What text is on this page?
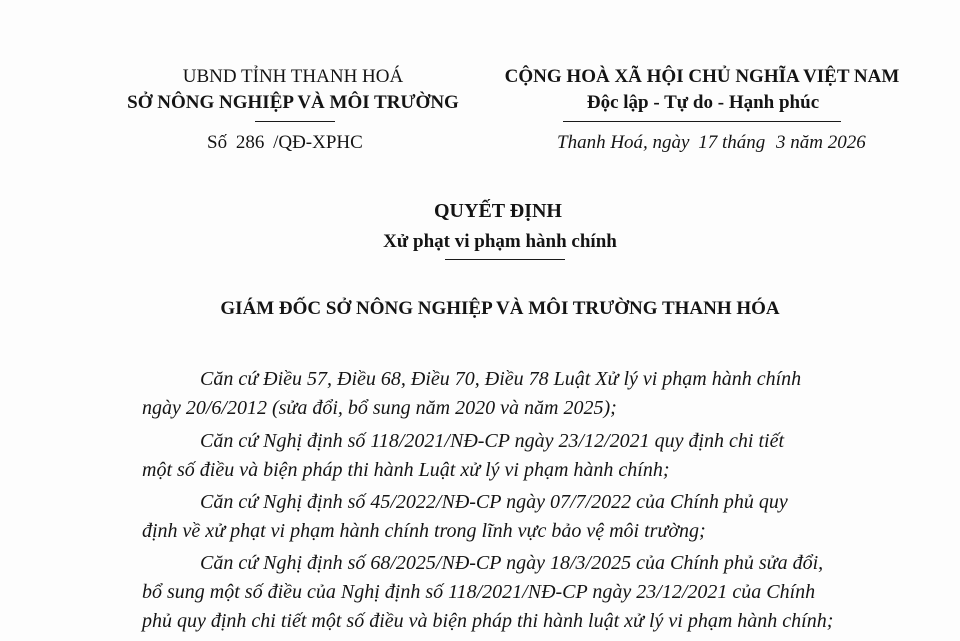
UBND TỈNH THANH HOÁ
SỞ NÔNG NGHIỆP VÀ MÔI TRƯỜNG
Số 286 /QĐ-XPHC
CỘNG HOÀ XÃ HỘI CHỦ NGHĨA VIỆT NAM
Độc lập - Tự do - Hạnh phúc
Thanh Hoá, ngày 17 tháng 3 năm 2026
QUYẾT ĐỊNH
Xử phạt vi phạm hành chính
GIÁM ĐỐC SỞ NÔNG NGHIỆP VÀ MÔI TRƯỜNG THANH HÓA
Căn cứ Điều 57, Điều 68, Điều 70, Điều 78 Luật Xử lý vi phạm hành chính
ngày 20/6/2012 (sửa đổi, bổ sung năm 2020 và năm 2025);
Căn cứ Nghị định số 118/2021/NĐ-CP ngày 23/12/2021 quy định chi tiết
một số điều và biện pháp thi hành Luật xử lý vi phạm hành chính;
Căn cứ Nghị định số 45/2022/NĐ-CP ngày 07/7/2022 của Chính phủ quy
định về xử phạt vi phạm hành chính trong lĩnh vực bảo vệ môi trường;
Căn cứ Nghị định số 68/2025/NĐ-CP ngày 18/3/2025 của Chính phủ sửa đổi,
bổ sung một số điều của Nghị định số 118/2021/NĐ-CP ngày 23/12/2021 của Chính
phủ quy định chi tiết một số điều và biện pháp thi hành luật xử lý vi phạm hành chính;
